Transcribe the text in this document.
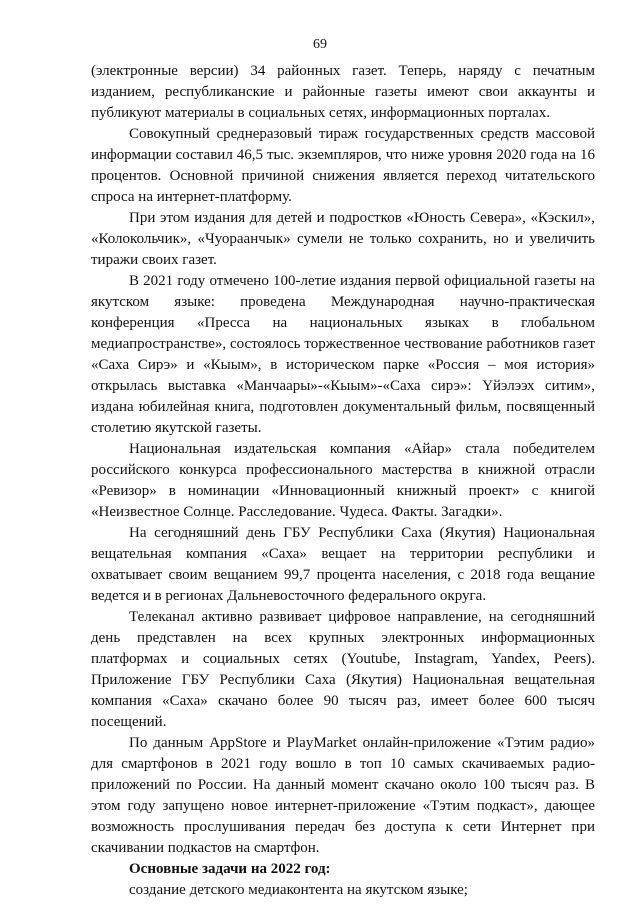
69

(электронные версии) 34 районных газет. Теперь, наряду с печатным изданием, республиканские и районные газеты имеют свои аккаунты и публикуют материалы в социальных сетях, информационных порталах.

Совокупный среднеразовый тираж государственных средств массовой информации составил 46,5 тыс. экземпляров, что ниже уровня 2020 года на 16 процентов. Основной причиной снижения является переход читательского спроса на интернет-платформу.

При этом издания для детей и подростков «Юность Севера», «Кэскил», «Колокольчик», «Чуораанчык» сумели не только сохранить, но и увеличить тиражи своих газет.

В 2021 году отмечено 100-летие издания первой официальной газеты на якутском языке: проведена Международная научно-практическая конференция «Пресса на национальных языках в глобальном медиапространстве», состоялось торжественное чествование работников газет «Саха Сирэ» и «Кыым», в историческом парке «Россия – моя история» открылась выставка «Манчаары»-«Кыым»-«Саха сирэ»: Үйэлээх ситим», издана юбилейная книга, подготовлен документальный фильм, посвященный столетию якутской газеты.

Национальная издательская компания «Айар» стала победителем российского конкурса профессионального мастерства в книжной отрасли «Ревизор» в номинации «Инновационный книжный проект» с книгой «Неизвестное Солнце. Расследование. Чудеса. Факты. Загадки».

На сегодняшний день ГБУ Республики Саха (Якутия) Национальная вещательная компания «Саха» вещает на территории республики и охватывает своим вещанием 99,7 процента населения, с 2018 года вещание ведется и в регионах Дальневосточного федерального округа.

Телеканал активно развивает цифровое направление, на сегодняшний день представлен на всех крупных электронных информационных платформах и социальных сетях (Youtube, Instagram, Yandex, Peers). Приложение ГБУ Республики Саха (Якутия) Национальная вещательная компания «Саха» скачано более 90 тысяч раз, имеет более 600 тысяч посещений.

По данным AppStore и PlayMarket онлайн-приложение «Тэтим радио» для смартфонов в 2021 году вошло в топ 10 самых скачиваемых радио-приложений по России. На данный момент скачано около 100 тысяч раз. В этом году запущено новое интернет-приложение «Тэтим подкаст», дающее возможность прослушивания передач без доступа к сети Интернет при скачивании подкастов на смартфон.

Основные задачи на 2022 год:

создание детского медиаконтента на якутском языке;
